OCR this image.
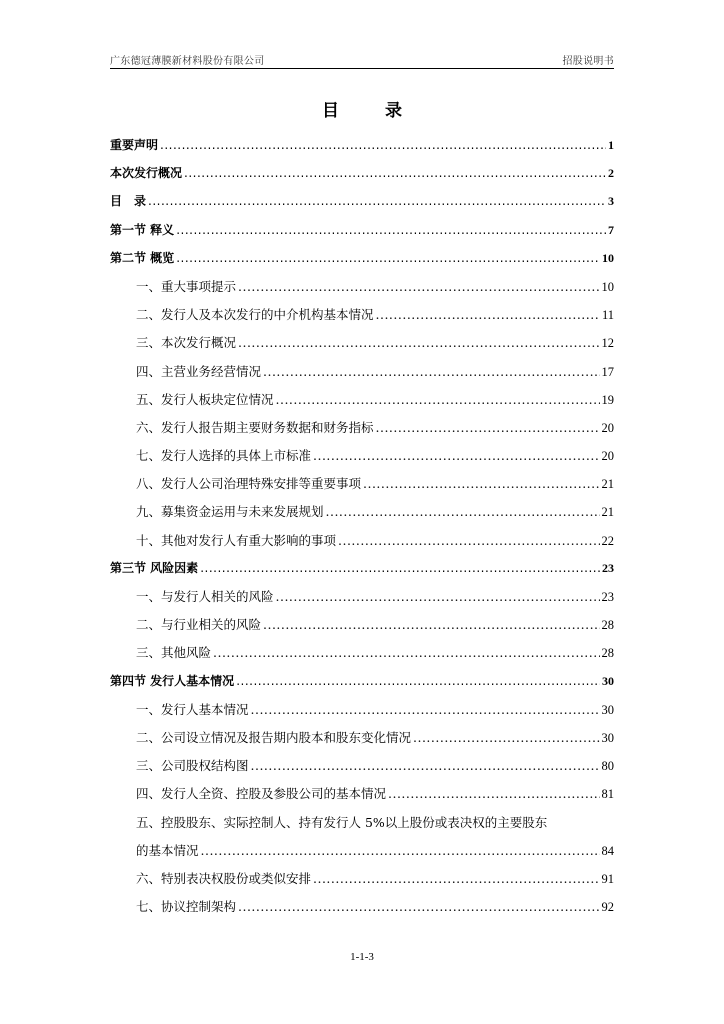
广东德冠薄膜新材料股份有限公司	招股说明书
目 录
重要声明 .....	1
本次发行概况 .....	2
目　录 .....	3
第一节 释义 .....	7
第二节 概览 .....	10
一、重大事项提示 .....	10
二、发行人及本次发行的中介机构基本情况 .....	11
三、本次发行概况 .....	12
四、主营业务经营情况 .....	17
五、发行人板块定位情况 .....	19
六、发行人报告期主要财务数据和财务指标 .....	20
七、发行人选择的具体上市标准 .....	20
八、发行人公司治理特殊安排等重要事项 .....	21
九、募集资金运用与未来发展规划 .....	21
十、其他对发行人有重大影响的事项 .....	22
第三节 风险因素 .....	23
一、与发行人相关的风险 .....	23
二、与行业相关的风险 .....	28
三、其他风险 .....	28
第四节 发行人基本情况 .....	30
一、发行人基本情况 .....	30
二、公司设立情况及报告期内股本和股东变化情况 .....	30
三、公司股权结构图 .....	80
四、发行人全资、控股及参股公司的基本情况 .....	81
五、控股股东、实际控制人、持有发行人 5%以上股份或表决权的主要股东
的基本情况 .....	84
六、特别表决权股份或类似安排 .....	91
七、协议控制架构 .....	92
1-1-3
